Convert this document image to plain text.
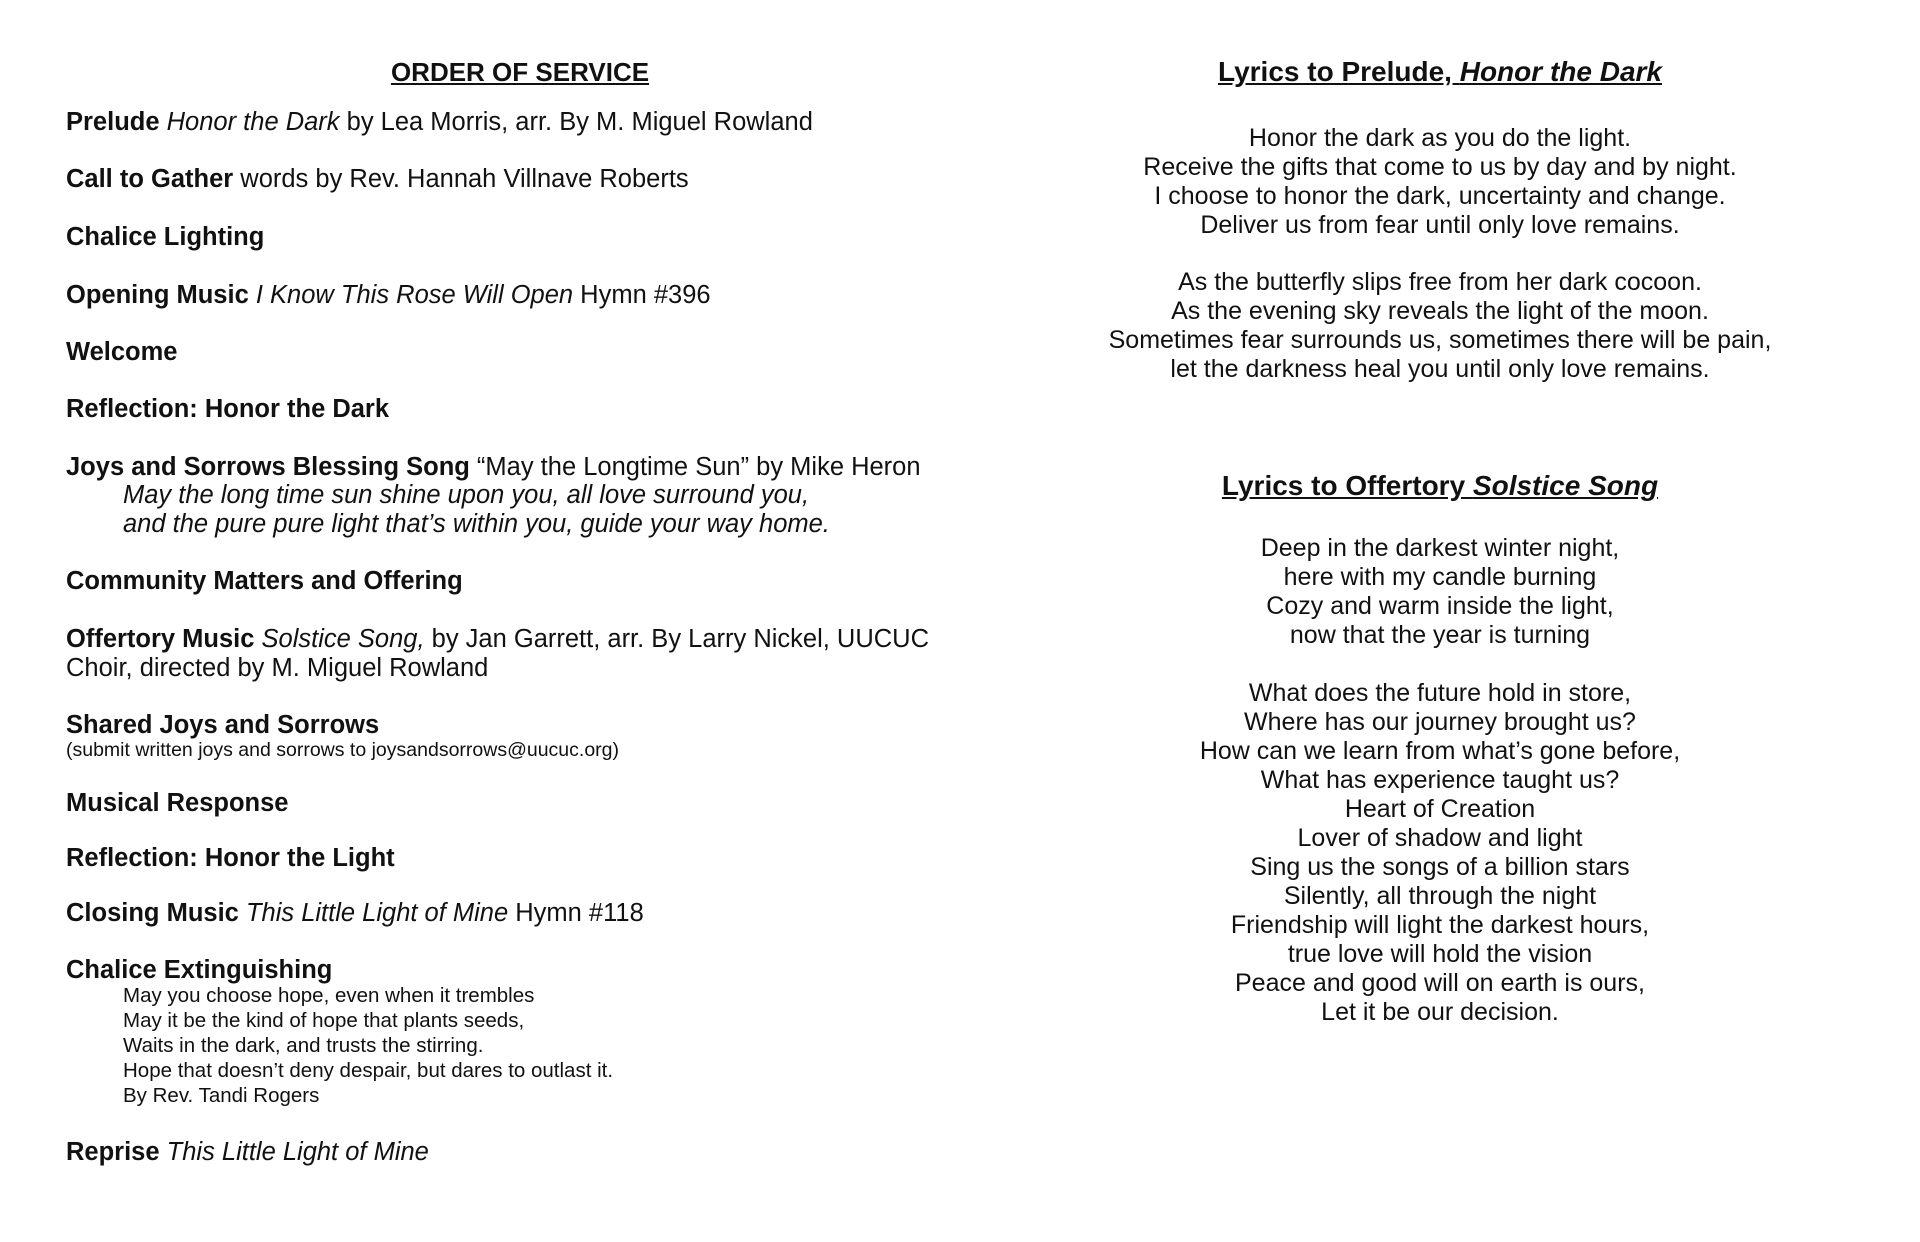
ORDER OF SERVICE

Prelude Honor the Dark by Lea Morris, arr. By M. Miguel Rowland

Call to Gather words by Rev. Hannah Villnave Roberts

Chalice Lighting

Opening Music I Know This Rose Will Open Hymn #396

Welcome

Reflection: Honor the Dark

Joys and Sorrows Blessing Song “May the Longtime Sun” by Mike Heron

May the long time sun shine upon you, all love surround you,

and the pure pure light that’s within you, guide your way home.

Community Matters and Offering

Offertory Music Solstice Song, by Jan Garrett, arr. By Larry Nickel, UUCUC

Choir, directed by M. Miguel Rowland

Shared Joys and Sorrows

(submit written joys and sorrows to joysandsorrows@uucuc.org)

Musical Response

Reflection: Honor the Light

Closing Music This Little Light of Mine Hymn #118

Chalice Extinguishing

May you choose hope, even when it trembles

May it be the kind of hope that plants seeds,

Waits in the dark, and trusts the stirring.

Hope that doesn’t deny despair, but dares to outlast it.

By Rev. Tandi Rogers

Reprise This Little Light of Mine

Lyrics to Prelude, Honor the Dark
Honor the dark as you do the light.
Receive the gifts that come to us by day and by night.
I choose to honor the dark, uncertainty and change.
Deliver us from fear until only love remains.
As the butterfly slips free from her dark cocoon.
As the evening sky reveals the light of the moon.
Sometimes fear surrounds us, sometimes there will be pain,
let the darkness heal you until only love remains.
Lyrics to Offertory Solstice Song
Deep in the darkest winter night,
here with my candle burning
Cozy and warm inside the light,
now that the year is turning
What does the future hold in store,
Where has our journey brought us?
How can we learn from what’s gone before,
What has experience taught us?
Heart of Creation
Lover of shadow and light
Sing us the songs of a billion stars
Silently, all through the night
Friendship will light the darkest hours,
true love will hold the vision
Peace and good will on earth is ours,
Let it be our decision.
